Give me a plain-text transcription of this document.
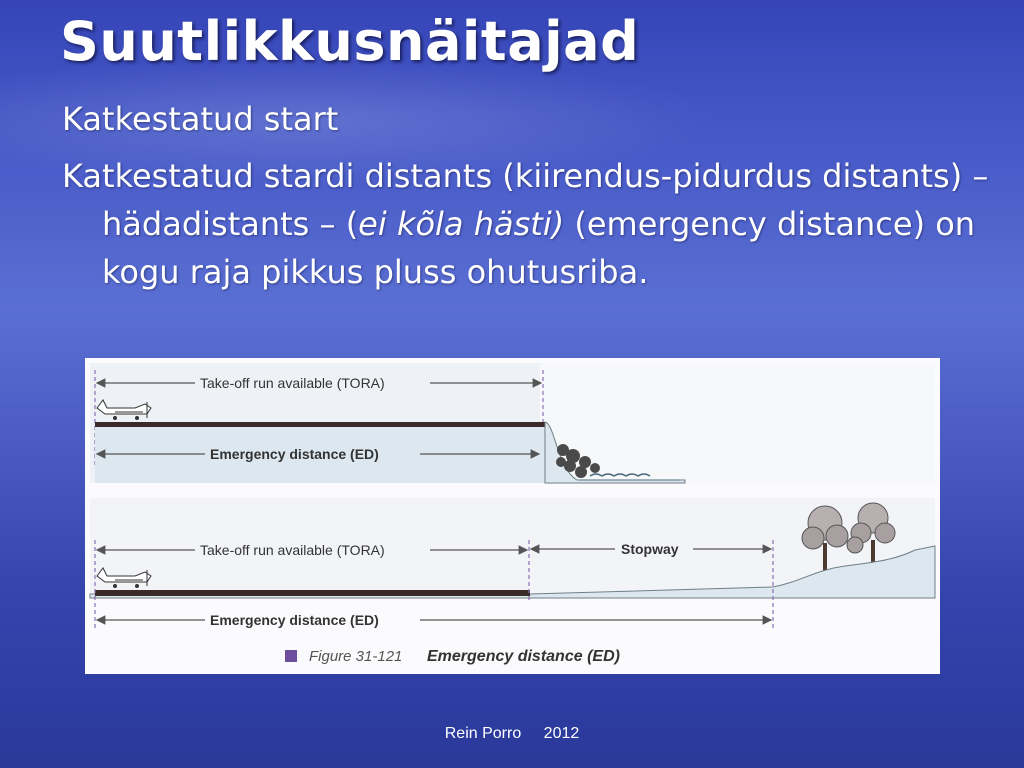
Suutlikkusnäitajad
Katkestatud start
Katkestatud stardi distants (kiirendus-pidurdus distants) – hädadistants – (ei kõla hästi) (emergency distance) on kogu raja pikkus pluss ohutusriba.
Take-off run available (TORA)
Emergency distance (ED)
Take-off run available (TORA)	Stopway
Emergency distance (ED)
Figure 31-121 Emergency distance (ED)
Rein Porro 2012
